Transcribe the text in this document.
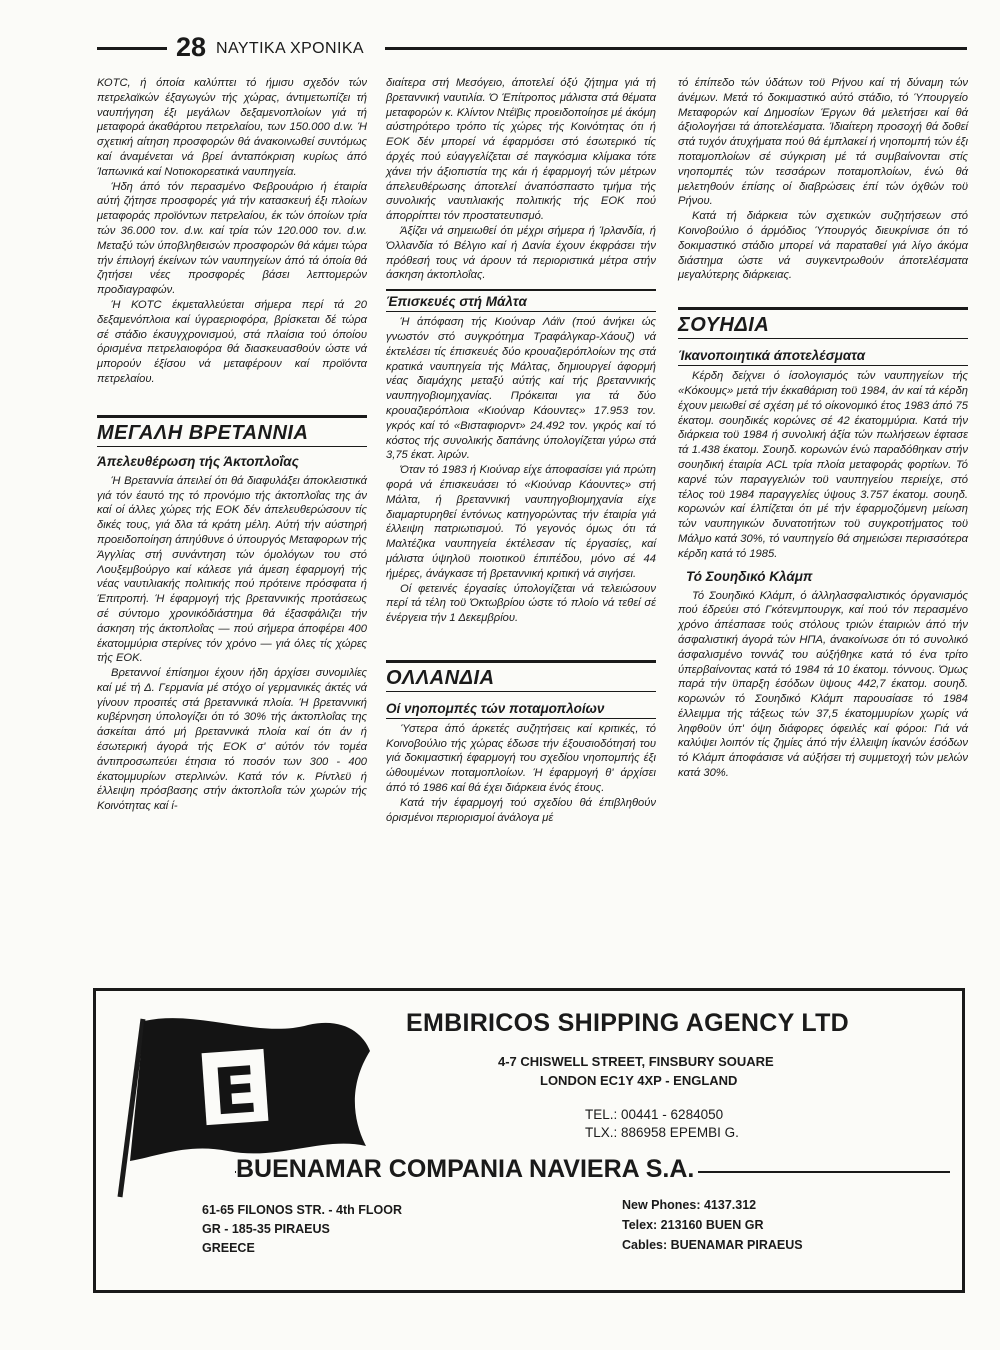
28 ΝΑΥΤΙΚΑ ΧΡΟΝΙΚΑ

ΚΟΤC, ή όποία καλύπτει τό ήμισυ σχεδόν τών πετρελαϊκών έξαγωγών τής χώρας, άντιμετωπίζει τή ναυπήγηση έξι μεγάλων δεξαμενοπλοίων γιά τή μεταφορά άκαθάρτου πετρελαίου, των 150.000 d.w. Ή σχετική αίτηση προσφορών θά άνακοινωθεί συντόμως καί άναμένεται νά βρεί άνταπόκριση κυρίως άπό Ίαπωνικά καί Νοτιοκορεατικά ναυπηγεία.

Ήδη άπό τόν περασμένο Φεβρουάριο ή έταιρία αύτή ζήτησε προσφορές γιά τήν κατασκευή έξι πλοίων μεταφοράς προϊόντων πετρελαίου, έκ τών όποίων τρία τών 36.000 τον. d.w. καί τρία τών 120.000 τον. d.w. Μεταξύ τών ύποβληθεισών προσφορών θά κάμει τώρα τήν έπιλογή έκείνων τών ναυπηγείων άπό τά όποία θά ζητήσει νέες προσφορές βάσει λεπτομερών προδιαγραφών.

Ή ΚΟΤC έκμεταλλεύεται σήμερα περί τά 20 δεξαμενόπλοια καί ύγραεριοφόρα, βρίσκεται δέ τώρα σέ στάδιο έκσυγχρονισμού, στά πλαίσια τού όποίου όρισμένα πετρελαιοφόρα θά διασκευασθούν ώστε νά μπορούν έξίσου νά μεταφέρουν καί προϊόντα πετρελαίου.

ΜΕΓΑΛΗ ΒΡΕΤΑΝΝΙΑ
Άπελευθέρωση τής Άκτοπλοΐας

Ή Βρεταννία άπειλεί ότι θά διαφυλάξει άποκλειστικά γιά τόν έαυτό της τό προνόμιο τής άκτοπλοΐας της άν καί οί άλλες χώρες τής ΕΟΚ δέν άπελευθερώσουν τίς δικές τους, γιά δλα τά κράτη μέλη. Αύτή τήν αύστηρή προειδοποίηση άπηύθυνε ό ύπουργός Μεταφορων τής Άγγλίας στή συνάντηση τών όμολόγων του στό Λουξεμβούργο καί κάλεσε γιά άμεση έφαρμογή τής νέας ναυτιλιακής πολιτικής πού πρότεινε πρόσφατα ή Έπιτροπή. Ή έφαρμογή τής βρεταννικής προτάσεως σέ σύντομο χρονικόδιάστημα θά έξασφάλιζει τήν άσκηση τής άκτοπλοΐας — πού σήμερα άποφέρει 400 έκατομμύρια στερίνες τόν χρόνο — γιά όλες τίς χώρες τής ΕΟΚ.

Βρεταννοί έπίσημοι έχουν ήδη άρχίσει συνομιλίες καί μέ τή Δ. Γερμανία μέ στόχο οί γερμανικές άκτές νά γίνουν προσιτές στά βρεταννικά πλοία. Ή βρεταννική κυβέρνηση ύπολογίζει ότι τό 30% τής άκτοπλοΐας της άσκείται άπό μή βρεταννικά πλοία καί ότι άν ή έσωτερική άγορά τής ΕΟΚ σ' αύτόν τόν τομέα άντιπροσωπεύει έτησια τό ποσόν των 300 - 400 έκατομμυρίων στερλινών. Κατά τόν κ. Ρίντλεϋ ή έλλειψη πρόσβασης στήν άκτοπλοΐα τών χωρών τής Κοινότητας καί ί-

διαίτερα στή Μεσόγειο, άποτελεί όξύ ζήτημα γιά τή βρεταννική ναυτιλία. Ό Έπίτροπος μάλιστα στά θέματα μεταφορών κ. Κλίντον Ντέϊβις προειδοποίησε μέ άκόμη αύστηρότερο τρόπο τίς χώρες τής Κοινότητας ότι ή ΕΟΚ δέν μπορεί νά έφαρμόσει στό έσωτερικό τίς άρχές πού εύαγγελίζεται σέ παγκόσμια κλίμακα τότε χάνει τήν άξιοπιστία της κάι ή έφαρμογή τών μέτρων άπελευθέρωσης άποτελεί άναπόσπαστο τμήμα τής συνολικής ναυτιλιακής πολιτικής τής ΕΟΚ πού άπορρίπτει τόν προστατευτισμό.

Άξίζει νά σημειωθεί ότι μέχρι σήμερα ή Ίρλανδία, ή Όλλανδία τό Βέλγιο καί ή Δανία έχουν έκφράσει τήν πρόθεσή τους νά άρουν τά περιοριστικά μέτρα στήν άσκηση άκτοπλοΐας.

Έπισκευές στή Μάλτα

Ή άπόφαση τής Κιούναρ Λάϊν (πού άνήκει ώς γνωστόν στό συγκρότημα Τραφάλγκαρ-Χάουζ) νά έκτελέσει τίς έπισκευές δύο κρουαζιερόπλοίων της στά κρατικά ναυπηγεία τής Μάλτας, δημιουργεί άφορμή νέας διαμάχης μεταξύ αύτής καί τής βρεταννικής ναυπηγοβιομηχανίας. Πρόκειται για τά δύο κρουαζιερόπλοια «Κιούναρ Κάουντες» 17.953 τον. γκρός καί τό «Βισταφιορντ» 24.492 τον. γκρός καί τό κόστος τής συνολικής δαπάνης ύπολογίζεται γύρω στά 3,75 έκατ. λιρών.

Όταν τό 1983 ή Κιούναρ είχε άποφασίσει γιά πρώτη φορά νά έπισκευάσει τό «Κιούναρ Κάουντες» στή Μάλτα, ή βρεταννική ναυπηγοβιομηχανία είχε διαμαρτυρηθεί έντόνως κατηγορώντας τήν έταιρία γιά έλλειψη πατριωτισμού. Τό γεγονός όμως ότι τά Μαλτέζικα ναυπηγεία έκτέλεσαν τίς έργασίες, καί μάλιστα ύψηλοϋ ποιοτικοϋ έπιπέδου, μόνο σέ 44 ήμέρες, άνάγκασε τή βρεταννική κριτική νά σιγήσει.

Οί φετεινές έργασίες ύπολογίζεται νά τελειώσουν περί τά τέλη τοϋ Όκτωβρίου ώστε τό πλοίο νά τεθεί σέ ένέργεια τήν 1 Δεκεμβρίου.

ΟΛΛΑΝΔΙΑ
Οί νηοπομπές τών ποταμοπλοίων

Ύστερα άπό άρκετές συζητήσεις καί κριτικές, τό Κοινοβούλιο τής χώρας έδωσε τήν έξουσιοδότησή του γιά δοκιμαστική έφαρμογή του σχεδίου νηοπομπής έξι ώθουμένων ποταμοπλοίων. Ή έφαρμογή θ' άρχίσει άπό τό 1986 καί θά έχει διάρκεια ένός έτους.

Κατά τήν έφαρμογή τού σχεδίου θά έπιβληθούν όρισμένοι περιορισμοί άνάλογα μέ

τό έπίπεδο τών ύδάτων τοϋ Ρήνου καί τή δύναμη τών άνέμων. Μετά τό δοκιμαστικό αύτό στάδιο, τό Ύπουργείο Μεταφορών καί Δημοσίων Έργων θά μελετήσει καί θά άξιολογήσει τά άποτελέσματα. Ίδιαίτερη προσοχή θά δοθεί στά τυχόν άτυχήματα πού θά έμπλακεί ή νηοπομπή τών έξι ποταμοπλοίων σέ σύγκριση μέ τά συμβαίνονται στίς νηοπομπές τών τεσσάρων ποταμοπλοίων, ένώ θά μελετηθούν έπίσης οί διαβρώσεις έπί τών όχθών τοϋ Ρήνου.

Κατά τή διάρκεια τών σχετικών συζητήσεων στό Κοινοβούλιο ό άρμόδιος Ύπουργός διευκρίνισε ότι τό δοκιμαστικό στάδιο μπορεί νά παραταθεί γιά λίγο άκόμα διάστημα ώστε νά συγκεντρωθούν άποτελέσματα μεγαλύτερης διάρκειας.

ΣΟΥΗΔΙΑ
Ίκανοποιητικά άποτελέσματα

Κέρδη δείχνει ό ίσολογισμός τών ναυπηγείων τής «Κόκουμς» μετά τήν έκκαθάριση τοϋ 1984, άν καί τά κέρδη έχουν μειωθεί σέ σχέση μέ τό οίκονομικό έτος 1983 άπό 75 έκατομ. σουηδικές κορώνες σέ 42 έκατομμύρια. Κατά τήν διάρκεια τοϋ 1984 ή συνολική άξία τών πωλήσεων έφτασε τά 1.438 έκατομ. Σουηδ. κορωνών ένώ παραδόθηκαν στήν σουηδική έταιρία ACL τρία πλοία μεταφοράς φορτίων. Τό καρνέ τών παραγγελιών τοϋ ναυπηγείου περιείχε, στό τέλος τοϋ 1984 παραγγελίες ύψους 3.757 έκατομ. σουηδ. κορωνών καί έλπίζεται ότι μέ τήν έφαρμοζόμενη μείωση τών ναυπηγικών δυνατοτήτων τοϋ συγκροτήματος τοϋ Μάλμο κατά 30%, τό ναυπηγείο θά σημειώσει περισσότερα κέρδη κατά τό 1985.

Τό Σουηδικό Κλάμπ

Τό Σουηδικό Κλάμπ, ό άλληλασφαλιστικός όργανισμός πού έδρεύει στό Γκότενμπουργκ, καί πού τόν περασμένο χρόνο άπέσπασε τούς στόλους τριών έταιριών άπό τήν άσφαλιστική άγορά τών ΗΠΑ, άνακοίνωσε ότι τό συνολικό άσφαλισμένο τοννάζ του αύξήθηκε κατά τό ένα τρίτο ύπερβαίνοντας κατά τό 1984 τά 10 έκατομ. τόννους. Όμως παρά τήν ϋπαρξη έσόδων ϋψους 442,7 έκατομ. σουηδ. κορωνών τό Σουηδικό Κλάμπ παρουσίασε τό 1984 έλλειμμα τής τάξεως τών 37,5 έκατομμυρίων χωρίς νά ληφθοϋν ύπ' όψη διάφορες όφειλές καί φόροι: Γιά νά καλύψει λοιπόν τίς ζημίες άπό τήν έλλειψη ίκανών έσόδων τό Κλάμπ άποφάσισε νά αύξήσει τή συμμετοχή τών μελών κατά 30%.

E
EMBIRICOS SHIPPING AGENCY LTD
4-7 CHISWELL STREET, FINSBURY SOUARE
LONDON EC1Y 4XP - ENGLAND
TEL.: 00441 - 6284050
TLX.: 886958 EPEMBI G.
BUENAMAR COMPANIA NAVIERA S.A.
61-65 FILONOS STR. - 4th FLOOR
GR - 185-35 PIRAEUS
GREECE
New Phones: 4137.312
Telex: 213160 BUEN GR
Cables: BUENAMAR PIRAEUS
